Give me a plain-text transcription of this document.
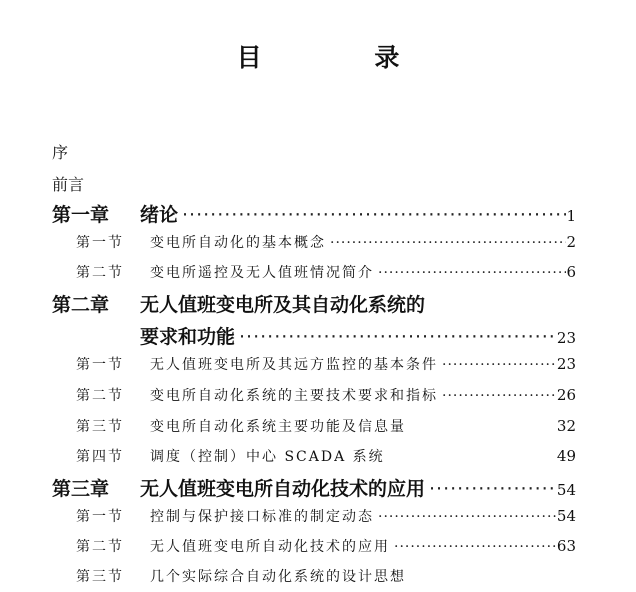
目 录
序
前言
第一章	绪论 ·····	1
第一节	变电所自动化的基本概念 ·····	2
第二节	变电所遥控及无人值班情况简介 ·····	6
第二章	无人值班变电所及其自动化系统的
要求和功能 ·····	23
第一节	无人值班变电所及其远方监控的基本条件 ·····	23
第二节	变电所自动化系统的主要技术要求和指标 ·····	26
第三节	变电所自动化系统主要功能及信息量	32
第四节	调度（控制）中心 SCADA 系统	49
第三章	无人值班变电所自动化技术的应用 ·····	54
第一节	控制与保护接口标准的制定动态 ·····	54
第二节	无人值班变电所自动化技术的应用 ·····	63
第三节	几个实际综合自动化系统的设计思想
